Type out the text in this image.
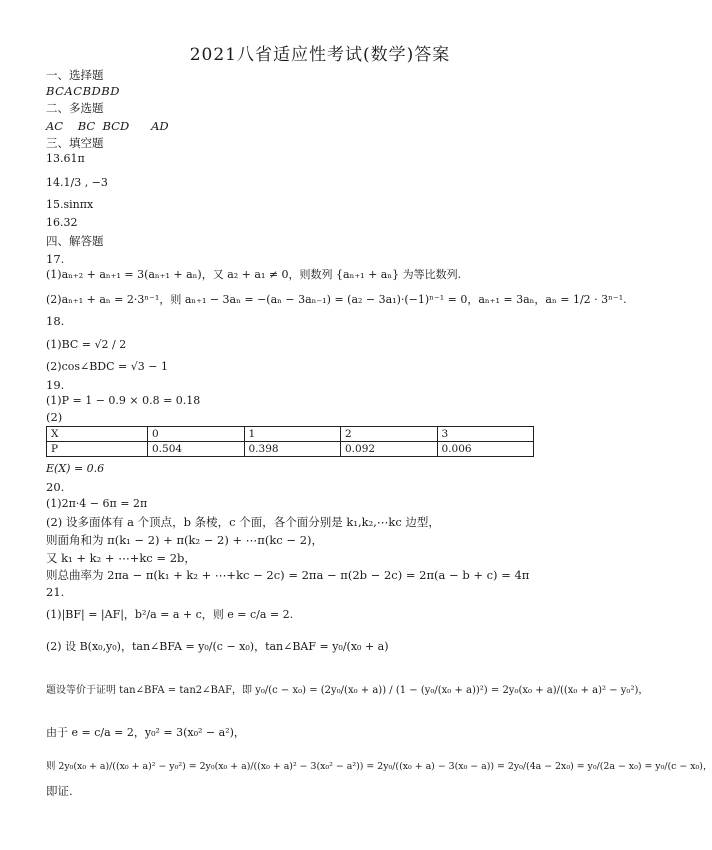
2021八省适应性考试(数学)答案
一、选择题
BCACBDBD
二、多选题
AC    BC  BCD      AD
三、填空题
13.61π
14.1/3 , −3
15.sinπx
16.32
四、解答题
17.
(1)aₙ₊₂ + aₙ₊₁ = 3(aₙ₊₁ + aₙ)，又 a₂ + a₁ ≠ 0，则数列 {aₙ₊₁ + aₙ} 为等比数列.
(2)aₙ₊₁ + aₙ = 2·3ⁿ⁻¹，则 aₙ₊₁ − 3aₙ = −(aₙ − 3aₙ₋₁) = (a₂ − 3a₁)·(−1)ⁿ⁻¹ = 0，aₙ₊₁ = 3aₙ，aₙ = 1/2 · 3ⁿ⁻¹.
18.
(1)BC = √2 / 2
(2)cos∠BDC = √3 − 1
19.
(1)P = 1 − 0.9 × 0.8 = 0.18
(2)
X	0	1	2	3
P	0.504	0.398	0.092	0.006
E(X) = 0.6
20.
(1)2π·4 − 6π = 2π
(2) 设多面体有 a 个顶点，b 条棱，c 个面，各个面分别是 k₁,k₂,⋯kc 边型，
则面角和为 π(k₁ − 2) + π(k₂ − 2) + ⋯π(kc − 2)，
又 k₁ + k₂ + ⋯+kc = 2b，
则总曲率为 2πa − π(k₁ + k₂ + ⋯+kc − 2c) = 2πa − π(2b − 2c) = 2π(a − b + c) = 4π
21.
(1)|BF| = |AF|，b²/a = a + c，则 e = c/a = 2.
(2) 设 B(x₀,y₀)，tan∠BFA = y₀/(c − x₀)，tan∠BAF = y₀/(x₀ + a)
题设等价于证明 tan∠BFA = tan2∠BAF，即 y₀/(c − x₀) = (2y₀/(x₀ + a)) / (1 − (y₀/(x₀ + a))²) = 2y₀(x₀ + a)/((x₀ + a)² − y₀²)，
由于 e = c/a = 2，y₀² = 3(x₀² − a²)，
则 2y₀(x₀ + a)/((x₀ + a)² − y₀²) = 2y₀(x₀ + a)/((x₀ + a)² − 3(x₀² − a²)) = 2y₀/((x₀ + a) − 3(x₀ − a)) = 2y₀/(4a − 2x₀) = y₀/(2a − x₀) = y₀/(c − x₀)，
即证.
